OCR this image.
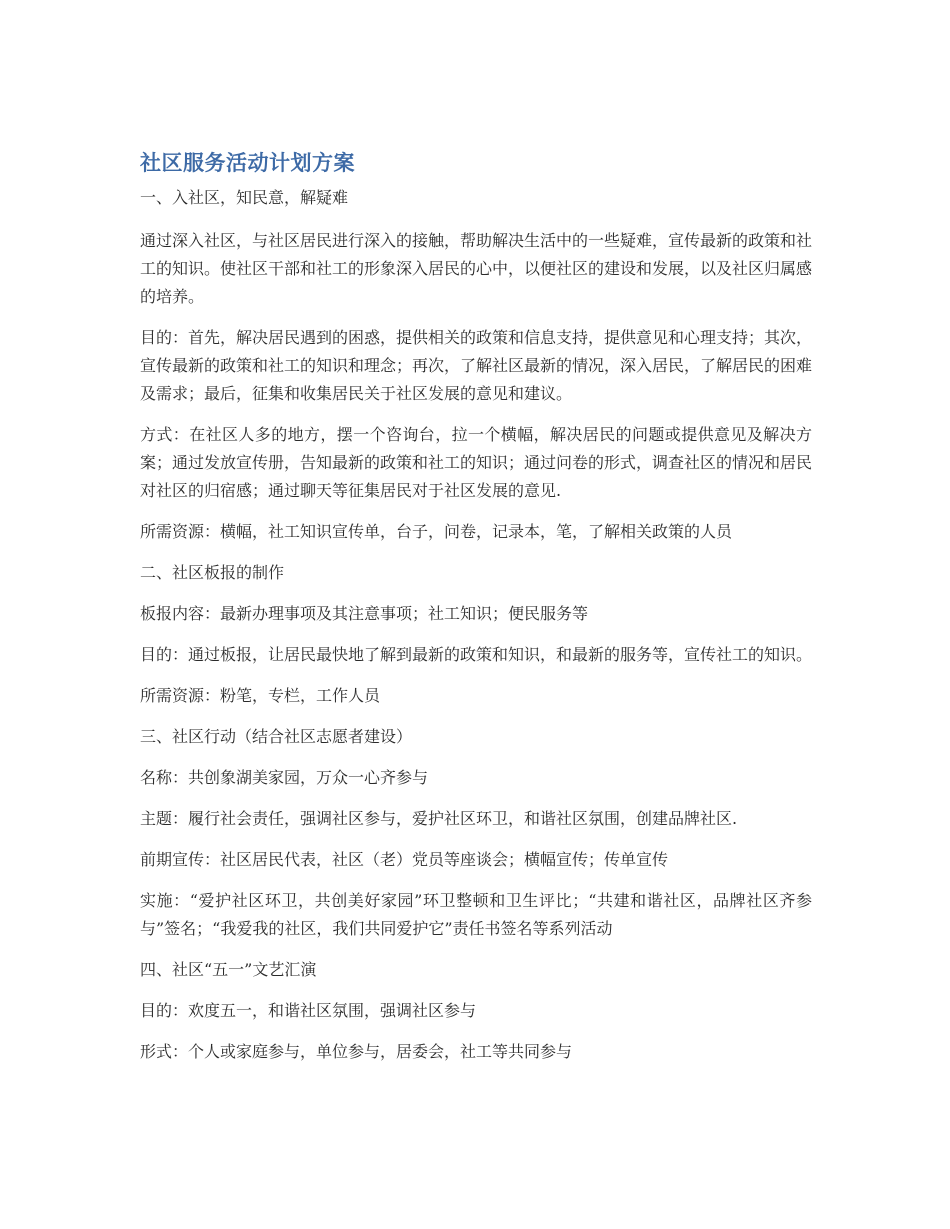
社区服务活动计划方案

一、入社区，知民意，解疑难

通过深入社区，与社区居民进行深入的接触，帮助解决生活中的一些疑难，宣传最新的政策和社工的知识。使社区干部和社工的形象深入居民的心中，以便社区的建设和发展，以及社区归属感的培养。

目的：首先，解决居民遇到的困惑，提供相关的政策和信息支持，提供意见和心理支持；其次，宣传最新的政策和社工的知识和理念；再次，了解社区最新的情况，深入居民，了解居民的困难及需求；最后，征集和收集居民关于社区发展的意见和建议。

方式：在社区人多的地方，摆一个咨询台，拉一个横幅，解决居民的问题或提供意见及解决方案；通过发放宣传册，告知最新的政策和社工的知识；通过问卷的形式，调查社区的情况和居民对社区的归宿感；通过聊天等征集居民对于社区发展的意见.

所需资源：横幅，社工知识宣传单，台子，问卷，记录本，笔，了解相关政策的人员

二、社区板报的制作

板报内容：最新办理事项及其注意事项；社工知识；便民服务等

目的：通过板报，让居民最快地了解到最新的政策和知识，和最新的服务等，宣传社工的知识。

所需资源：粉笔，专栏，工作人员

三、社区行动（结合社区志愿者建设）

名称：共创象湖美家园，万众一心齐参与

主题：履行社会责任，强调社区参与，爱护社区环卫，和谐社区氛围，创建品牌社区.

前期宣传：社区居民代表，社区（老）党员等座谈会；横幅宣传；传单宣传

实施：“爱护社区环卫，共创美好家园”环卫整顿和卫生评比；“共建和谐社区，品牌社区齐参与”签名；“我爱我的社区，我们共同爱护它”责任书签名等系列活动

四、社区“五一”文艺汇演

目的：欢度五一，和谐社区氛围，强调社区参与

形式：个人或家庭参与，单位参与，居委会，社工等共同参与
